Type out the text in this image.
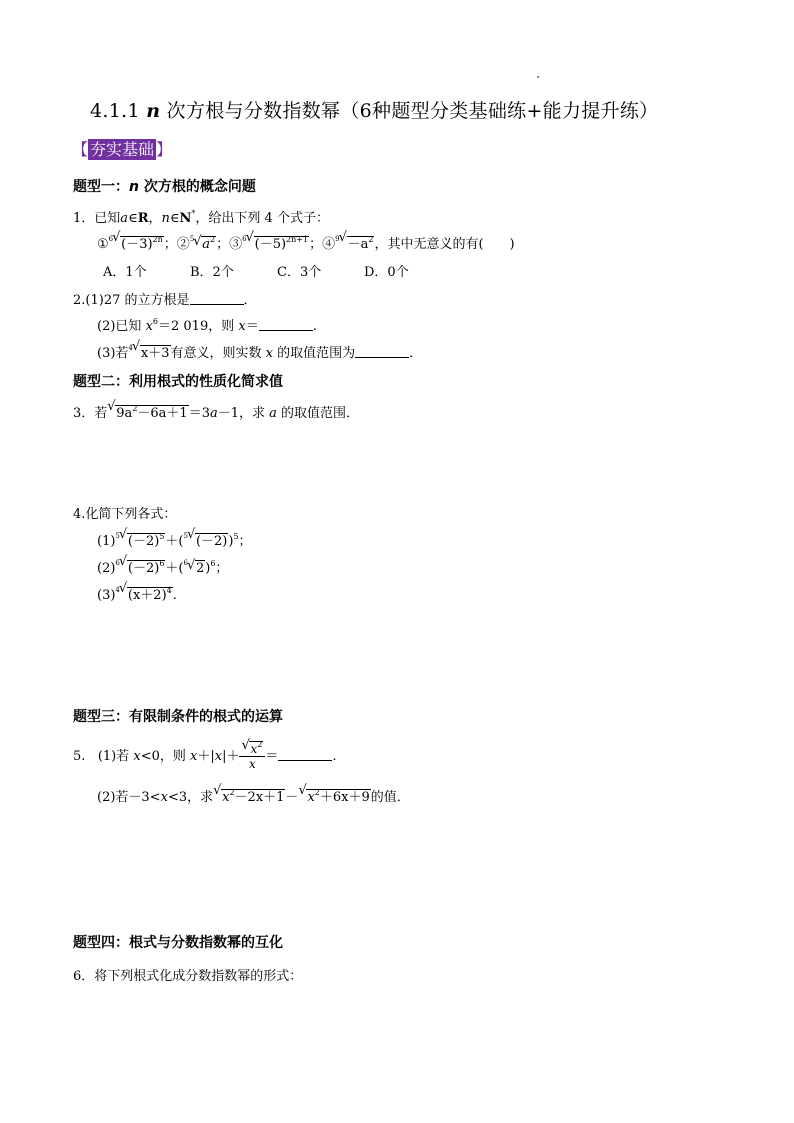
4.1.1 n 次方根与分数指数幂（6种题型分类基础练+能力提升练）
【 夯实基础 】
题型一：n 次方根的概念问题
1．已知a∈R，n∈N*，给出下列 4 个式子：
①$^6$√ $(-3)^{2n}$；②$^5$√ $a^2$；③$^6$√ $(-5)^{2n+1}$；④$^9$√ $-a^2$，其中无意义的有(　　)
A．1个	B．2个	C．3个	D．0个
2.(1)27 的立方根是	．
(2)已知 $x^6=2$ 019，则 x＝	.
(3)若$^4$√ x＋3有意义，则实数 x 的取值范围为	．
题型二：利用根式的性质化简求值
3．若√ $9a^2-6a+1=3a-1$，求 a 的取值范围．
4.化简下列各式：
$(1)^5√$ $(-2)^5+(^5√$ (－2))$^5$；
$(2)^6√$ $(-2)^6+(^6√$ 2)$^6$；
$(3)^4√$ $(x+2)^4$.
题型三：有限制条件的根式的运算
5. (1)若 x<0，则 x＋|x|＋
√ $\frac{x^2}{x}$ ＝	.
(2)若－3<x<3，求√ $x^2-2x+1-√$ $x^2+6x+9$的值．
题型四：根式与分数指数幂的互化
6．将下列根式化成分数指数幂的形式：
